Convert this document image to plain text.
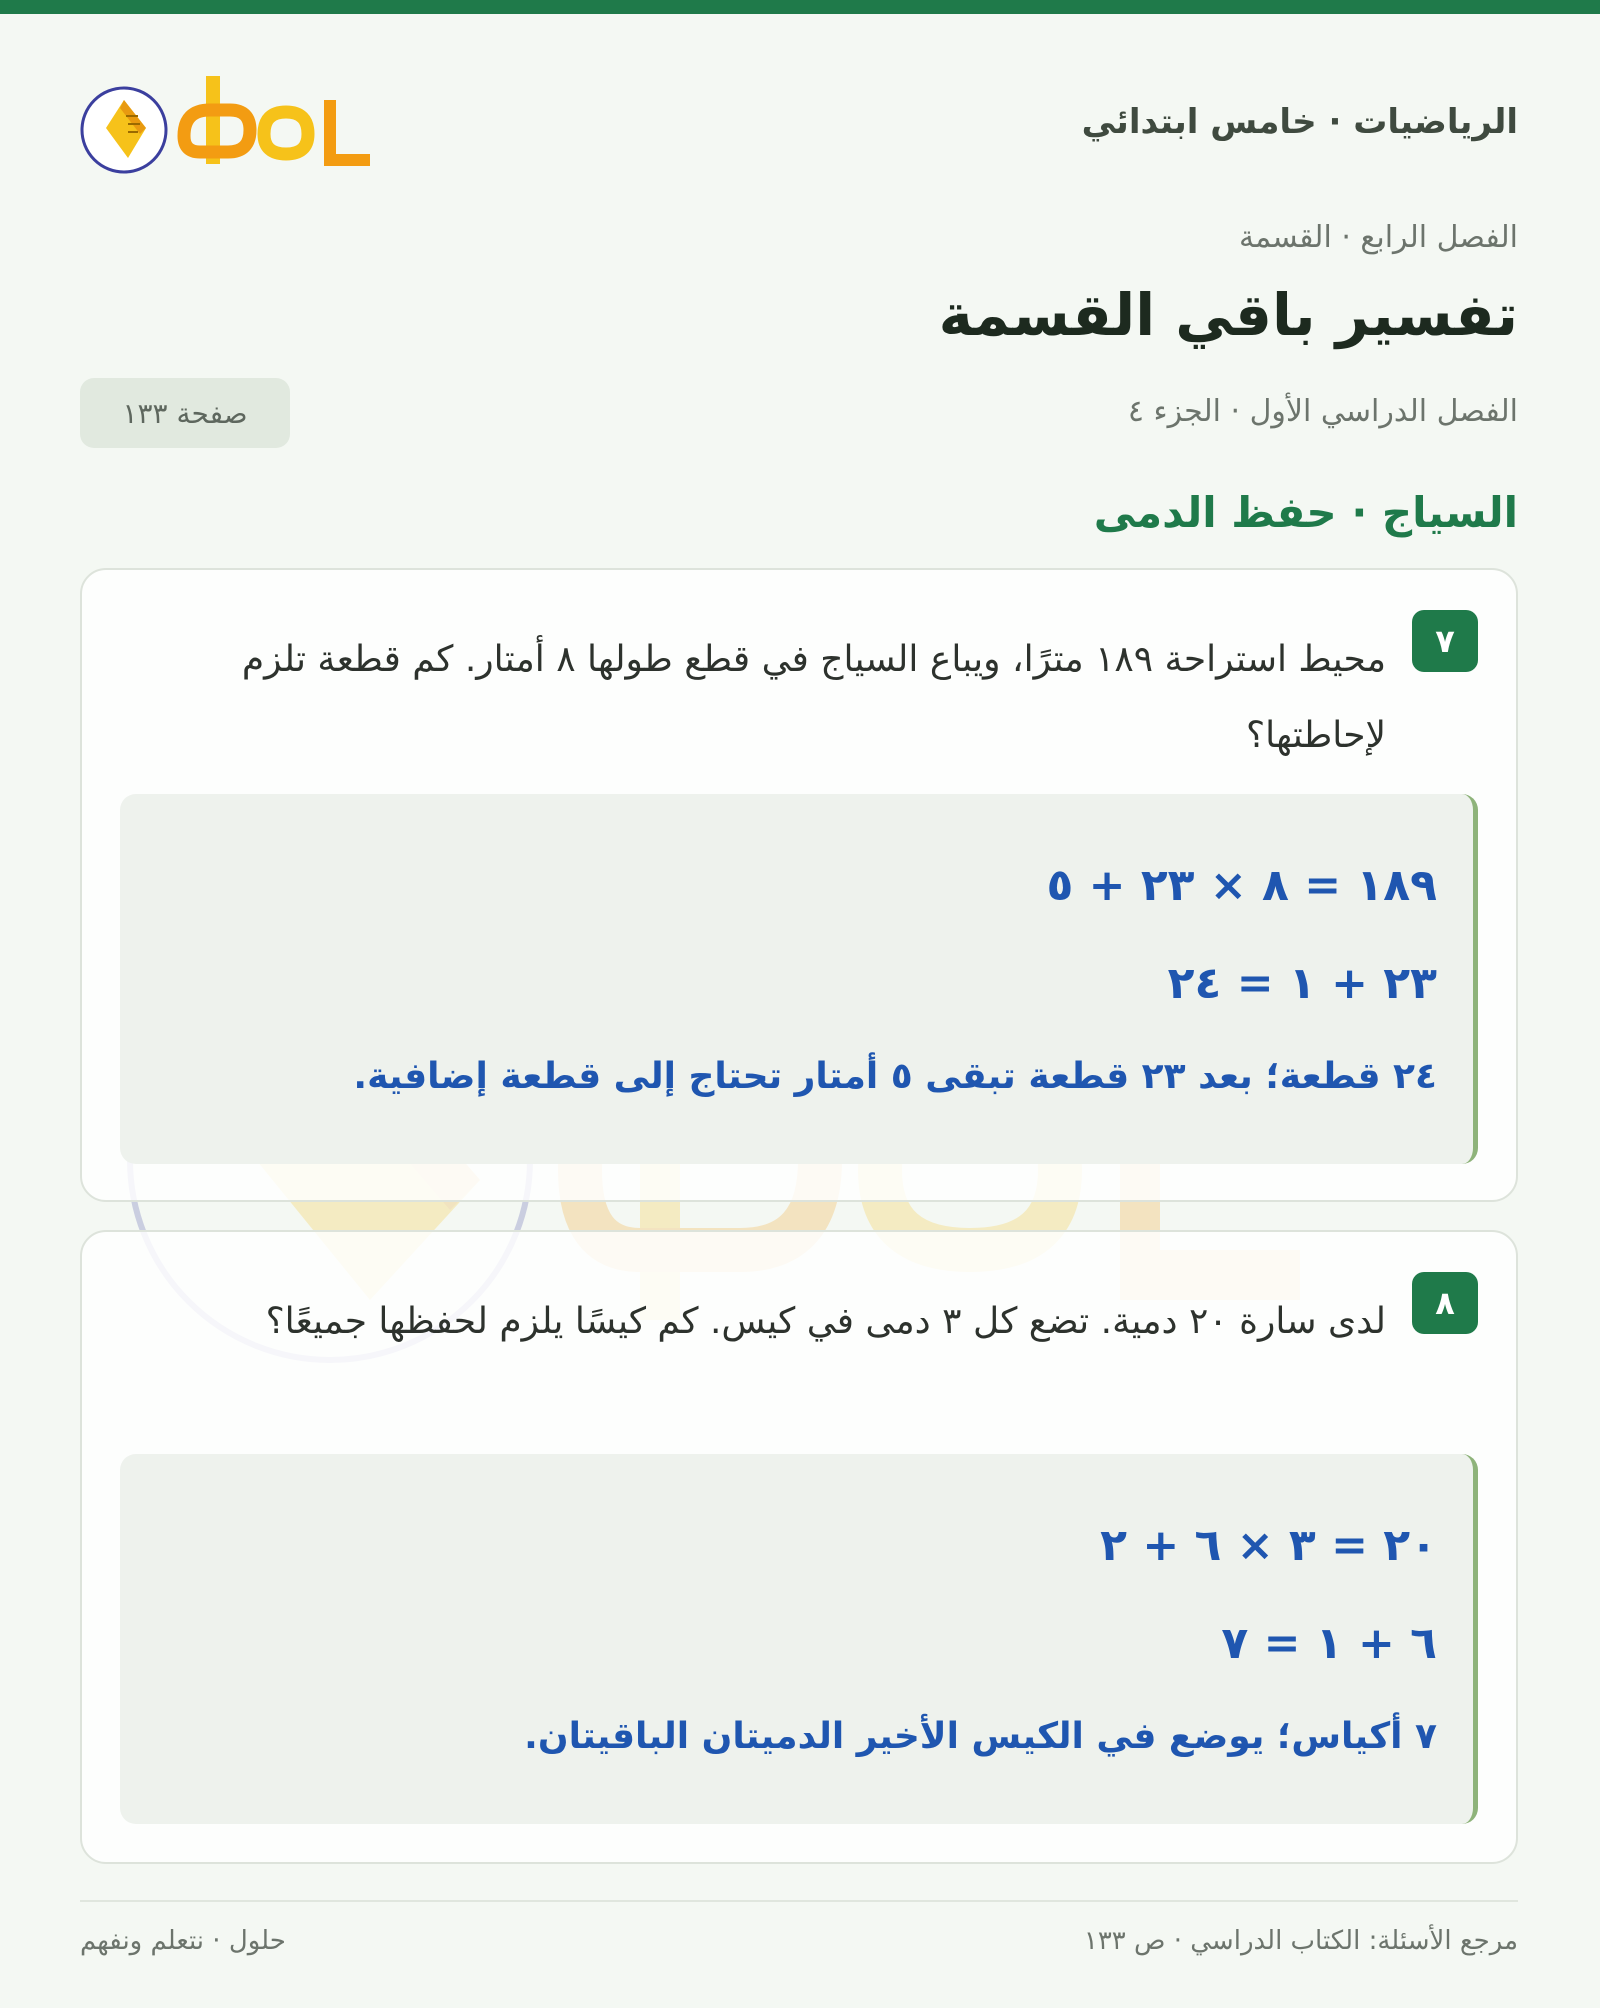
الرياضيات · خامس ابتدائي
الفصل الرابع · القسمة
تفسير باقي القسمة
الفصل الدراسي الأول · الجزء ٤
صفحة ١٣٣
السياج · حفظ الدمى
٧
محيط استراحة ١٨٩ مترًا، ويباع السياج في قطع طولها ٨ أمتار. كم قطعة تلزم لإحاطتها؟
١٨٩ = ٨ × ٢٣ + ٥
٢٣ + ١ = ٢٤
٢٤ قطعة؛ بعد ٢٣ قطعة تبقى ٥ أمتار تحتاج إلى قطعة إضافية.
٨
لدى سارة ٢٠ دمية. تضع كل ٣ دمى في كيس. كم كيسًا يلزم لحفظها جميعًا؟
٢٠ = ٣ × ٦ + ٢
٦ + ١ = ٧
٧ أكياس؛ يوضع في الكيس الأخير الدميتان الباقيتان.
مرجع الأسئلة: الكتاب الدراسي · ص ١٣٣
حلول · نتعلم ونفهم
